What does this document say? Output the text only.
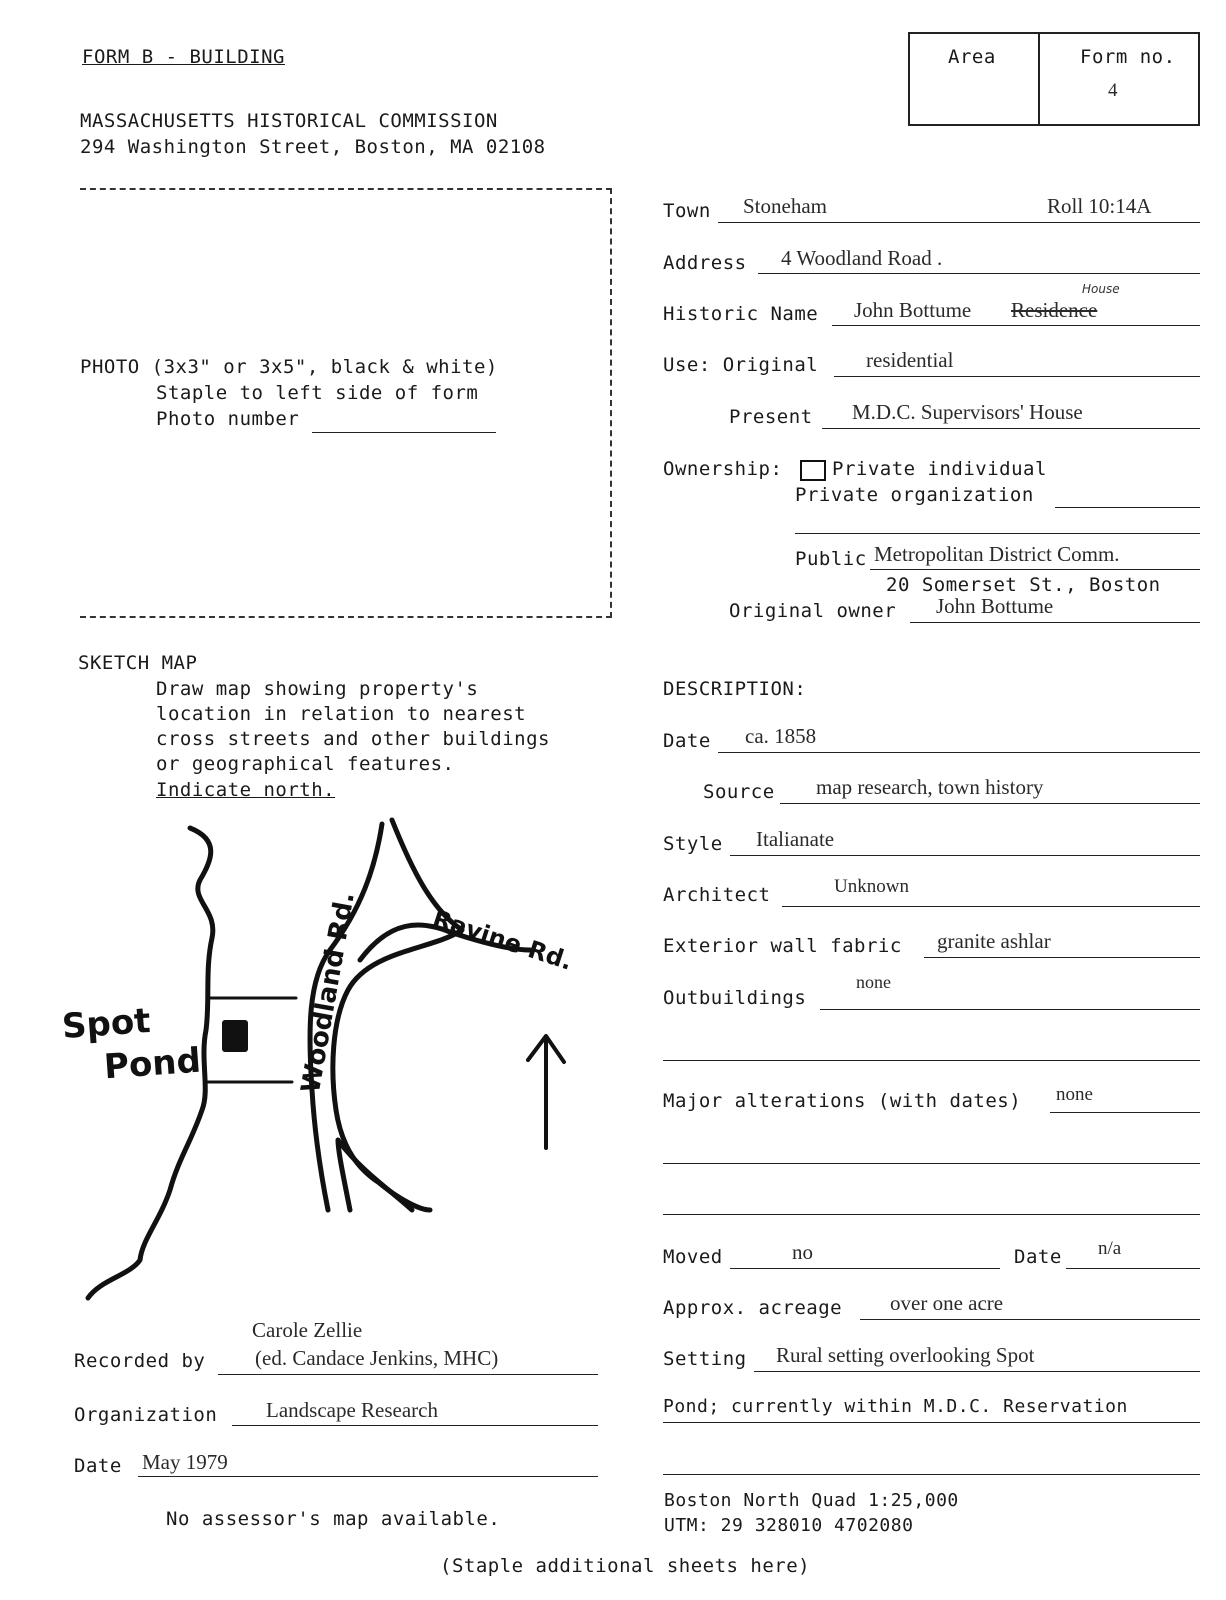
FORM B - BUILDING
MASSACHUSETTS HISTORICAL COMMISSION
294 Washington Street, Boston, MA 02108
Area	Form no.
4
PHOTO (3x3" or 3x5", black & white)
Staple to left side of form
Photo number
SKETCH MAP
Draw map showing property's
location in relation to nearest
cross streets and other buildings
or geographical features.
Indicate north.
Spot
Pond	Woodland Rd.	Ravine Rd.
Town Stoneham	Roll 10:14A
Address 4 Woodland Road .
Historic Name John Bottume Residence
House
Use: Original residential
Present M.D.C. Supervisors' House
Ownership:	Private individual
Private organization
Public Metropolitan District Comm.
20 Somerset St., Boston
Original owner John Bottume
DESCRIPTION:
Date ca. 1858
Source map research, town history
Style Italianate
Architect	Unknown
Exterior wall fabric granite ashlar
Outbuildings
none
Major alterations (with dates) none
Moved	no	Date n/a
Approx. acreage over one acre
Setting Rural setting overlooking Spot
Pond; currently within M.D.C. Reservation
Boston North Quad 1:25,000
UTM: 29 328010 4702080
Carole Zellie
Recorded by (ed. Candace Jenkins, MHC)
Organization Landscape Research
Date May 1979
No assessor's map available.
(Staple additional sheets here)
